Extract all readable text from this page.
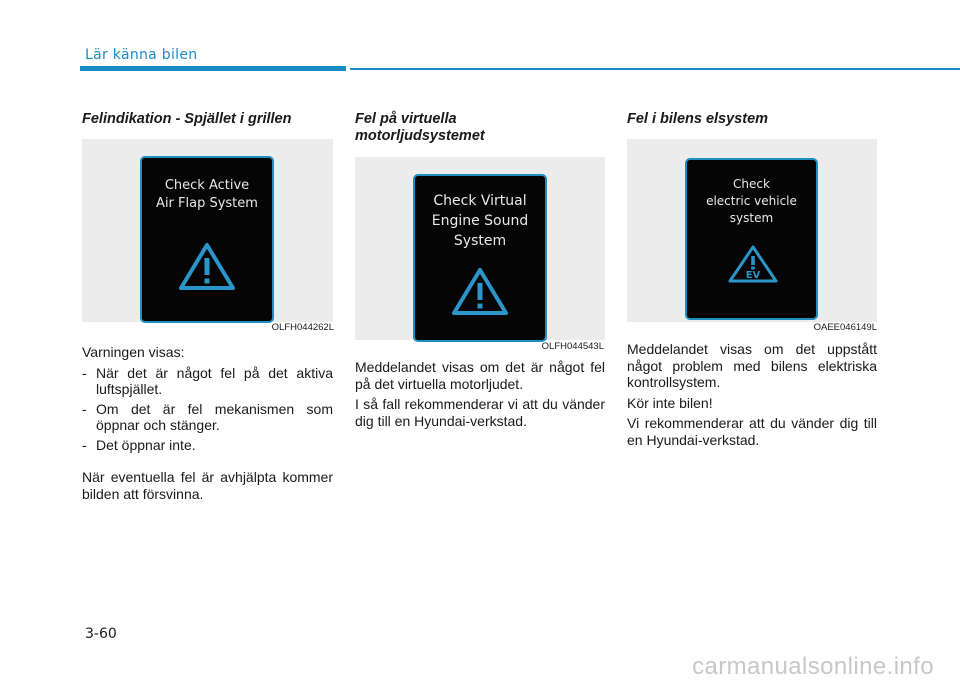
Lär känna bilen
Felindikation - Spjället i grillen
Check Active
Air Flap System
OLFH044262L

Varningen visas:

- När det är något fel på det aktiva luftspjället.
- Om det är fel mekanismen som öppnar och stänger.
- Det öppnar inte.

När eventuella fel är avhjälpta kommer bilden att försvinna.

Fel på virtuella motorljudsystemet
Check Virtual
Engine Sound
System
OLFH044543L

Meddelandet visas om det är något fel på det virtuella motorljudet.

I så fall rekommenderar vi att du vänder dig till en Hyundai-verkstad.

Fel i bilens elsystem
Check
electric vehicle
system
EV
OAEE046149L

Meddelandet visas om det uppstått något problem med bilens elektriska kontrollsystem.

Kör inte bilen!

Vi rekommenderar att du vänder dig till en Hyundai-verkstad.

3-60
carmanualsonline.info
